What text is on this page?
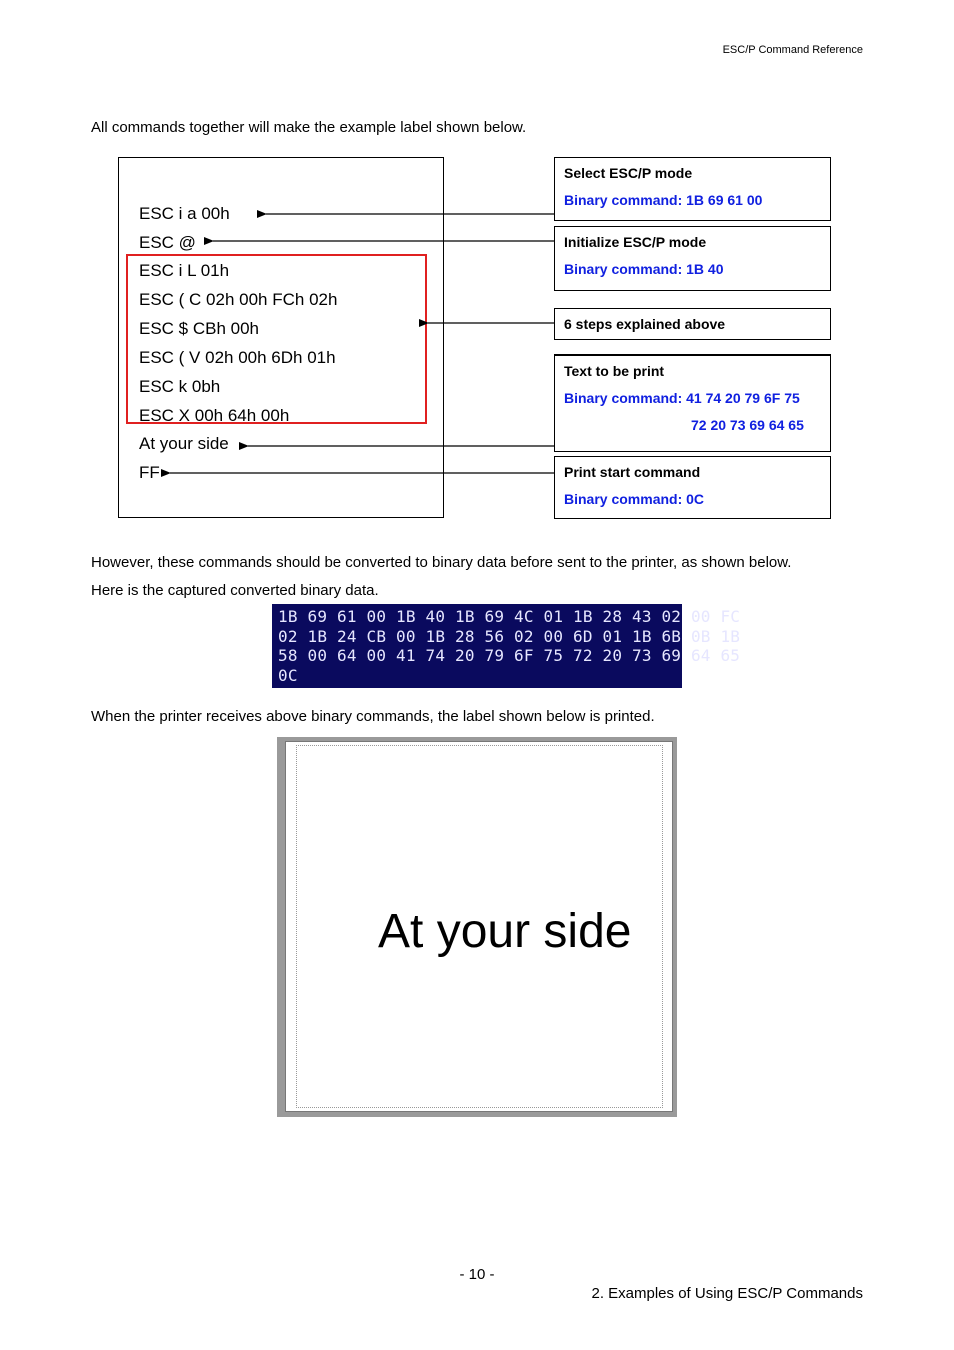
ESC/P Command Reference
All commands together will make the example label shown below.
ESC i a 00h
ESC @
ESC i L 01h
ESC ( C 02h 00h FCh 02h
ESC $ CBh 00h
ESC ( V 02h 00h 6Dh 01h
ESC k 0bh
ESC X 00h 64h 00h
At your side
FF
Select ESC/P mode
Binary command: 1B 69 61 00
Initialize ESC/P mode
Binary command: 1B 40
6 steps explained above
Text to be print
Binary command: 41 74 20 79 6F 75
72 20 73 69 64 65
Print start command
Binary command: 0C
However, these commands should be converted to binary data before sent to the printer, as shown below.
Here is the captured converted binary data.
1B 69 61 00 1B 40 1B 69 4C 01 1B 28 43 02 00 FC
02 1B 24 CB 00 1B 28 56 02 00 6D 01 1B 6B 0B 1B
58 00 64 00 41 74 20 79 6F 75 72 20 73 69 64 65
0C
When the printer receives above binary commands, the label shown below is printed.
At your side
- 10 -
2. Examples of Using ESC/P Commands
